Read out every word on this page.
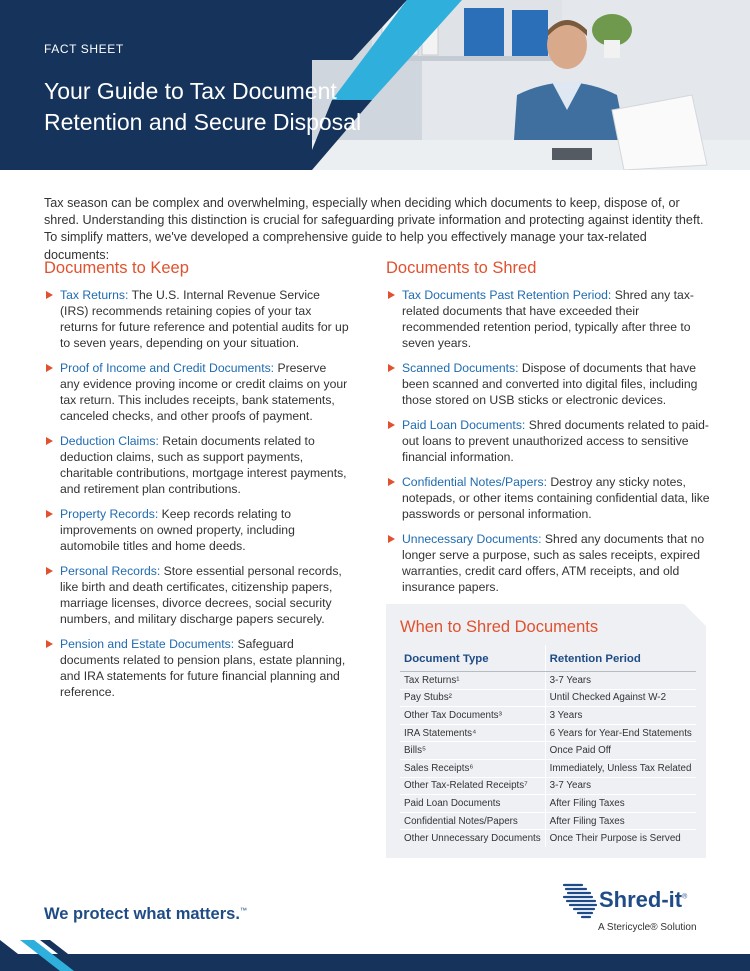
FACT SHEET
Your Guide to Tax Document
Retention and Secure Disposal

Tax season can be complex and overwhelming, especially when deciding which documents to keep, dispose of, or shred. Understanding this distinction is crucial for safeguarding private information and protecting against identity theft. To simplify matters, we've developed a comprehensive guide to help you effectively manage your tax-related documents:

Documents to Keep
Tax Returns: The U.S. Internal Revenue Service (IRS) recommends retaining copies of your tax returns for future reference and potential audits for up to seven years, depending on your situation.
Proof of Income and Credit Documents: Preserve any evidence proving income or credit claims on your tax return. This includes receipts, bank statements, canceled checks, and other proofs of payment.
Deduction Claims: Retain documents related to deduction claims, such as support payments, charitable contributions, mortgage interest payments, and retirement plan contributions.
Property Records: Keep records relating to improvements on owned property, including automobile titles and home deeds.
Personal Records: Store essential personal records, like birth and death certificates, citizenship papers, marriage licenses, divorce decrees, social security numbers, and military discharge papers securely.
Pension and Estate Documents: Safeguard documents related to pension plans, estate planning, and IRA statements for future financial planning and reference.
Documents to Shred
Tax Documents Past Retention Period: Shred any tax-related documents that have exceeded their recommended retention period, typically after three to seven years.
Scanned Documents: Dispose of documents that have been scanned and converted into digital files, including those stored on USB sticks or electronic devices.
Paid Loan Documents: Shred documents related to paid-out loans to prevent unauthorized access to sensitive financial information.
Confidential Notes/Papers: Destroy any sticky notes, notepads, or other items containing confidential data, like passwords or personal information.
Unnecessary Documents: Shred any documents that no longer serve a purpose, such as sales receipts, expired warranties, credit card offers, ATM receipts, and old insurance papers.
When to Shred Documents
Document Type	Retention Period
Tax Returns¹	3-7 Years
Pay Stubs²	Until Checked Against W-2
Other Tax Documents³	3 Years
IRA Statements⁴	6 Years for Year-End Statements
Bills⁵	Once Paid Off
Sales Receipts⁶	Immediately, Unless Tax Related
Other Tax-Related Receipts⁷	3-7 Years
Paid Loan Documents	After Filing Taxes
Confidential Notes/Papers	After Filing Taxes
Other Unnecessary Documents	Once Their Purpose is Served
We protect what matters.™	Shred-it®
A Stericycle® Solution
